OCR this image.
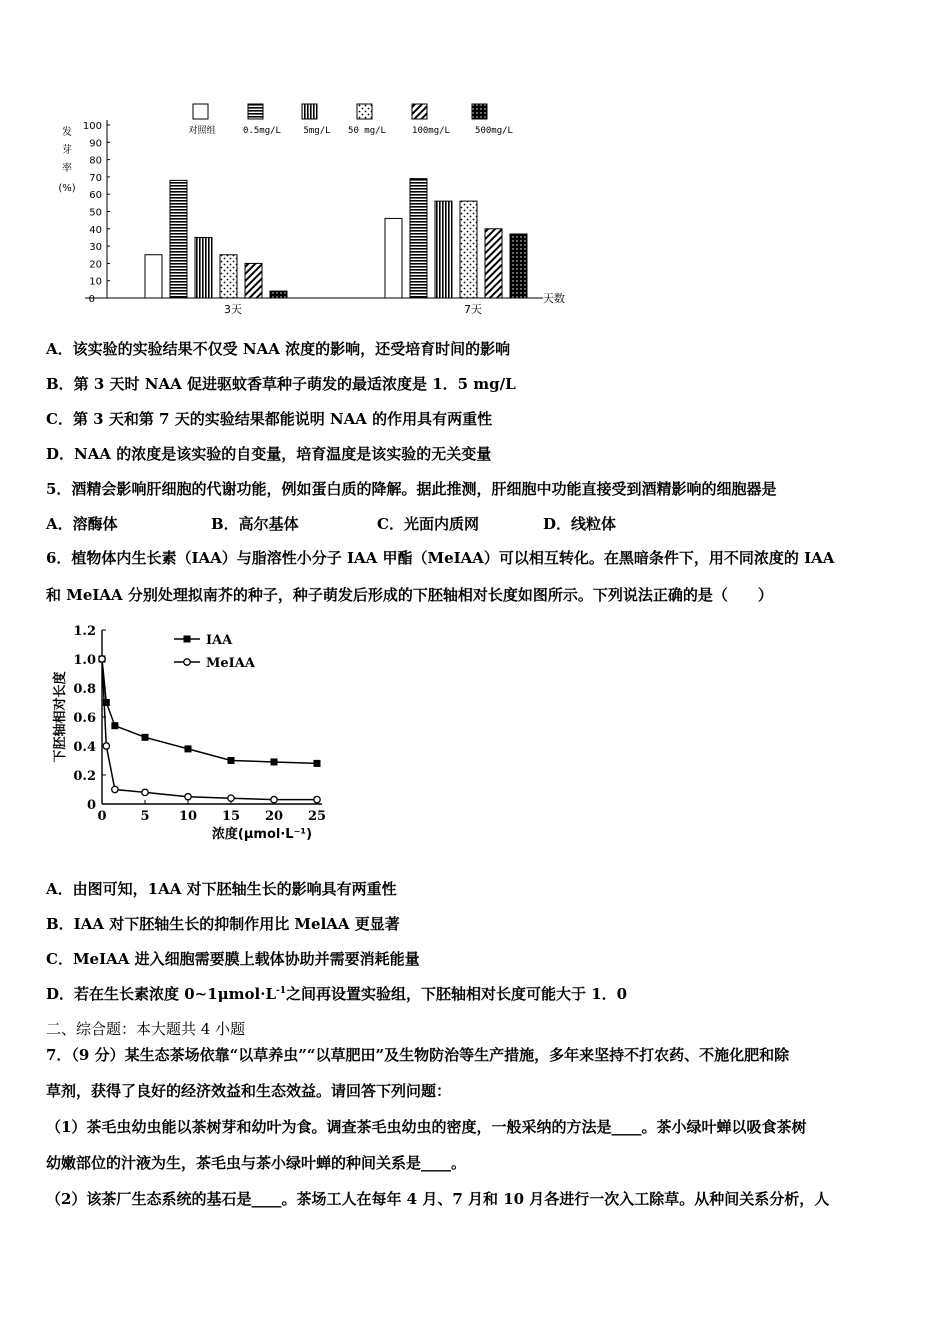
对照组	0.5mg/L 5mg/L 50 mg/L	100mg/L	500mg/L
发
芽
率
(%)
100
90
80
70
60
50
40
30
20
10
0	天数
3天	7天
A．该实验的实验结果不仅受 NAA 浓度的影响，还受培育时间的影响
B．第 3 天时 NAA 促进驱蚊香草种子萌发的最适浓度是 1．5 mg/L
C．第 3 天和第 7 天的实验结果都能说明 NAA 的作用具有两重性
D．NAA 的浓度是该实验的自变量，培育温度是该实验的无关变量
5．酒精会影响肝细胞的代谢功能，例如蛋白质的降解。据此推测，肝细胞中功能直接受到酒精影响的细胞器是
A．溶酶体	B．高尔基体	C．光面内质网	D．线粒体
6．植物体内生长素（IAA）与脂溶性小分子 IAA 甲酯（MeIAA）可以相互转化。在黑暗条件下，用不同浓度的 IAA
和 MeIAA 分别处理拟南芥的种子，种子萌发后形成的下胚轴相对长度如图所示。下列说法正确的是（　　）
1.2
1.0
0.8
0.6
0.4
0.2
0
0	5 10 15 20 25
下胚轴相对长度
浓度(μmol·L⁻¹)
IAA
MeIAA
A．由图可知，1AA 对下胚轴生长的影响具有两重性
B．IAA 对下胚轴生长的抑制作用比 MelAA 更显著
C．MeIAA 进入细胞需要膜上载体协助并需要消耗能量
D．若在生长素浓度 $0\sim 1\mu mol\cdot L^{-1}$之间再设置实验组，下胚轴相对长度可能大于 1．0
二、综合题：本大题共 4 小题
7．（9 分）某生态茶场依靠“以草养虫”“以草肥田”及生物防治等生产措施，多年来坚持不打农药、不施化肥和除
草剂，获得了良好的经济效益和生态效益。请回答下列问题：
（1）茶毛虫幼虫能以茶树芽和幼叶为食。调查茶毛虫幼虫的密度，一般采纳的方法是____。茶小绿叶蝉以吸食茶树
幼嫩部位的汁液为生，茶毛虫与茶小绿叶蝉的种间关系是____。
（2）该茶厂生态系统的基石是____。茶场工人在每年 4 月、7 月和 10 月各进行一次入工除草。从种间关系分析，人
